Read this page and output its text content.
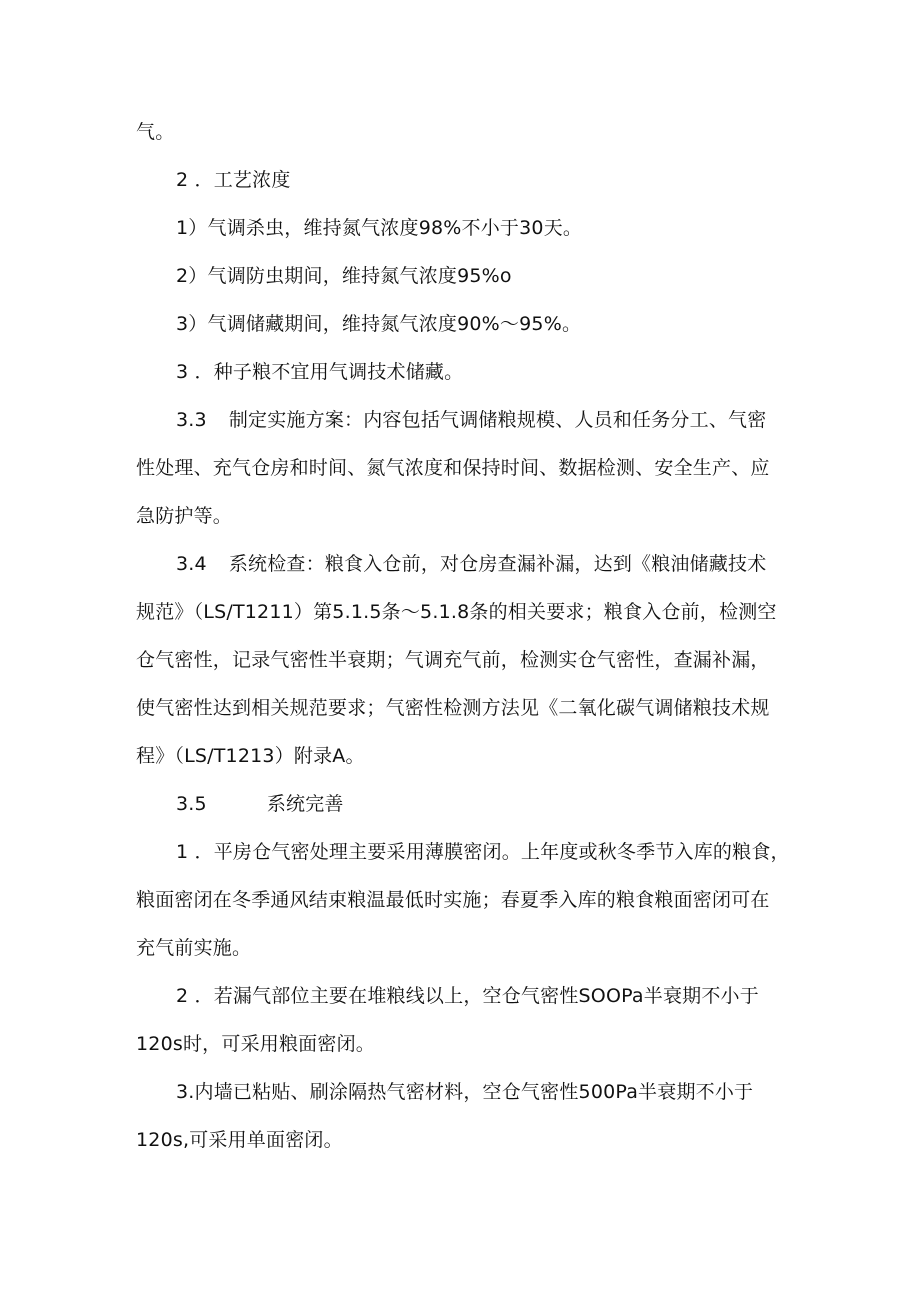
气。
2 ．工艺浓度
1）气调杀虫，维持氮气浓度98%不小于30天。
2）气调防虫期间，维持氮气浓度95%o
3）气调储藏期间，维持氮气浓度90%～95%。
3 ．种子粮不宜用气调技术储藏。
3.3 制定实施方案：内容包括气调储粮规模、人员和任务分工、气密
性处理、充气仓房和时间、氮气浓度和保持时间、数据检测、安全生产、应
急防护等。
3.4 系统检查：粮食入仓前，对仓房查漏补漏，达到《粮油储藏技术
规范》（LS/T1211）第5.1.5条～5.1.8条的相关要求；粮食入仓前，检测空
仓气密性，记录气密性半衰期；气调充气前，检测实仓气密性，查漏补漏，
使气密性达到相关规范要求；气密性检测方法见《二氧化碳气调储粮技术规
程》（LS/T1213）附录A。
3.5	系统完善
1 ．平房仓气密处理主要采用薄膜密闭。上年度或秋冬季节入库的粮食，
粮面密闭在冬季通风结束粮温最低时实施；春夏季入库的粮食粮面密闭可在
充气前实施。
2 ．若漏气部位主要在堆粮线以上，空仓气密性SOOPa半衰期不小于
120s时，可采用粮面密闭。
3.内墙已粘贴、刷涂隔热气密材料，空仓气密性500Pa半衰期不小于
120s,可采用单面密闭。
